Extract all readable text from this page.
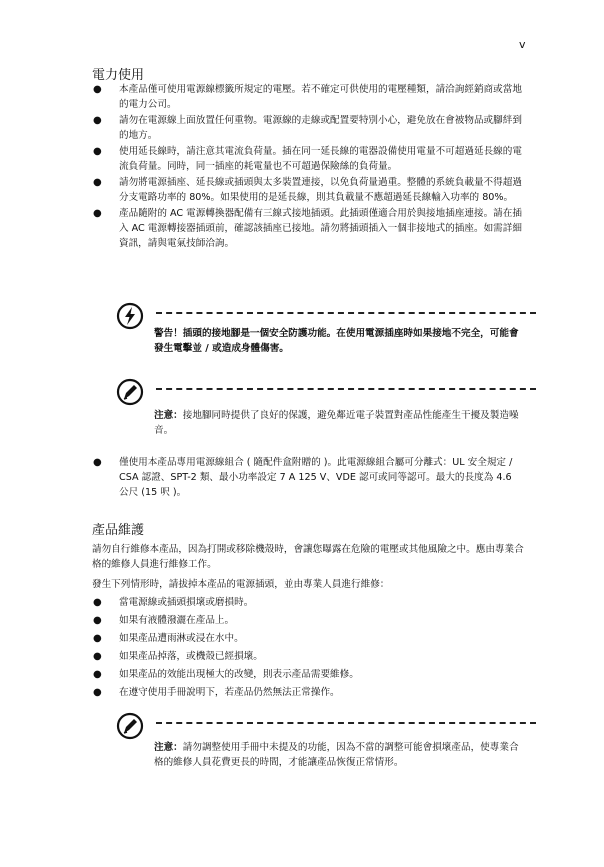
v
電力使用
● 本產品僅可使用電源線標籤所規定的電壓。若不確定可供使用的電壓種類，請洽詢經銷商或當地的電力公司。
● 請勿在電源線上面放置任何重物。電源線的走線或配置要特別小心，避免放在會被物品或腳絆到的地方。
● 使用延長線時，請注意其電流負荷量。插在同一延長線的電器設備使用電量不可超過延長線的電流負荷量。同時，同一插座的耗電量也不可超過保險絲的負荷量。
● 請勿將電源插座、延長線或插頭與太多裝置連接，以免負荷量過重。整體的系統負載量不得超過分支電路功率的 80%。如果使用的是延長線，則其負載量不應超過延長線輸入功率的 80%。
● 產品隨附的 AC 電源轉換器配備有三線式接地插頭。此插頭僅適合用於與接地插座連接。請在插入 AC 電源轉接器插頭前，確認該插座已接地。請勿將插頭插入一個非接地式的插座。如需詳細資訊，請與電氣技師洽詢。
警告！插頭的接地腳是一個安全防護功能。在使用電源插座時如果接地不完全，可能會發生電擊並 / 或造成身體傷害。
注意：接地腳同時提供了良好的保護，避免鄰近電子裝置對產品性能產生干擾及製造噪音。
● 僅使用本產品專用電源線組合 ( 隨配件盒附贈的 )。此電源線組合屬可分離式：UL 安全規定 / CSA 認證、SPT-2 類、最小功率設定 7 A 125 V、VDE 認可或同等認可。最大的長度為 4.6 公尺 (15 呎 )。
產品維護
請勿自行維修本產品，因為打開或移除機殼時，會讓您曝露在危險的電壓或其他風險之中。應由專業合格的維修人員進行維修工作。
發生下列情形時，請拔掉本產品的電源插頭，並由專業人員進行維修：
● 當電源線或插頭損壞或磨損時。
● 如果有液體潑灑在產品上。
● 如果產品遭雨淋或浸在水中。
● 如果產品掉落，或機殼已經損壞。
● 如果產品的效能出現極大的改變，則表示產品需要維修。
● 在遵守使用手冊說明下，若產品仍然無法正常操作。
注意：請勿調整使用手冊中未提及的功能，因為不當的調整可能會損壞產品，使專業合格的維修人員花費更長的時間，才能讓產品恢復正常情形。
